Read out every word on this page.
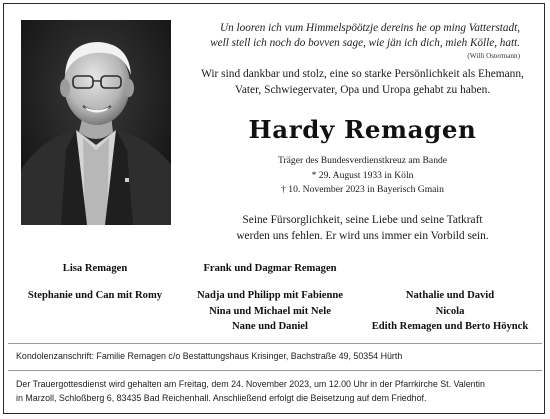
Un looren ich vum Himmelspöötzje dereins he op ming Vatterstadt,
well stell ich noch do bovven sage, wie jän ich dich, mieh Kölle, hatt.
(Willi Ostermann)
Wir sind dankbar und stolz, eine so starke Persönlichkeit als Ehemann,
Vater, Schwiegervater, Opa und Uropa gehabt zu haben.
Hardy Remagen
Träger des Bundesverdienstkreuz am Bande
* 29. August 1933 in Köln
† 10. November 2023 in Bayerisch Gmain
Seine Fürsorglichkeit, seine Liebe und seine Tatkraft
werden uns fehlen. Er wird uns immer ein Vorbild sein.
Lisa Remagen	Frank und Dagmar Remagen
Stephanie und Can mit Romy	Nadja und Philipp mit Fabienne
Nina und Michael mit Nele
Nane und Daniel
Nathalie und David
Nicola
Edith Remagen und Berto Höynck
Kondolenzanschrift: Familie Remagen c/o Bestattungshaus Krisinger, Bachstraße 49, 50354 Hürth
Der Trauergottesdienst wird gehalten am Freitag, dem 24. November 2023, um 12.00 Uhr in der Pfarrkirche St. Valentin
in Marzoll, Schloßberg 6, 83435 Bad Reichenhall. Anschließend erfolgt die Beisetzung auf dem Friedhof.
